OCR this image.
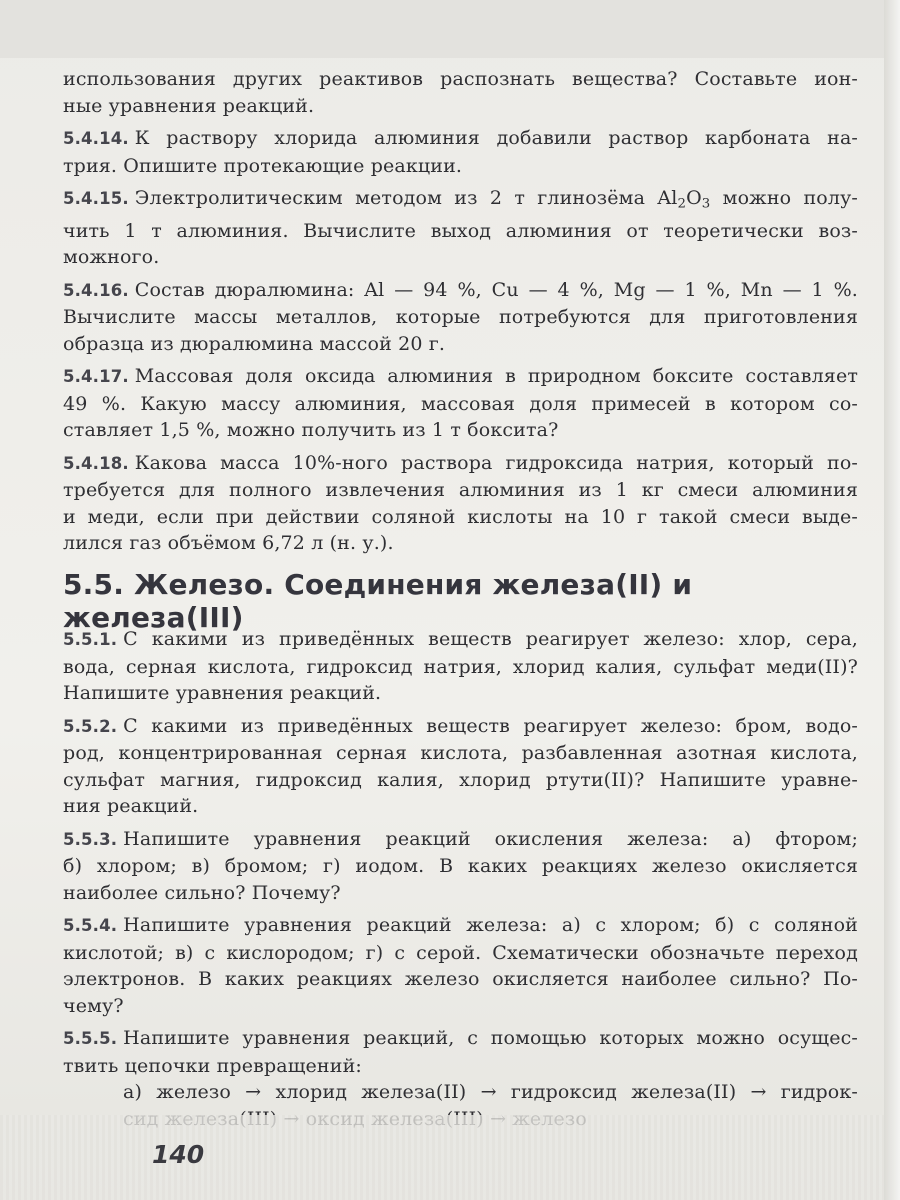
использования других реактивов распознать вещества? Составьте ион-
ные уравнения реакций.

5.4.14. К раствору хлорида алюминия добавили раствор карбоната на-
трия. Опишите протекающие реакции.

5.4.15. Электролитическим методом из 2 т глинозёма $Al_2O_3$ можно полу-
чить 1 т алюминия. Вычислите выход алюминия от теоретически воз-
можного.

5.4.16. Состав дюралюмина: Al — 94 %, Cu — 4 %, Mg — 1 %, Mn — 1 %.
Вычислите массы металлов, которые потребуются для приготовления
образца из дюралюмина массой 20 г.

5.4.17. Массовая доля оксида алюминия в природном боксите составляет
49 %. Какую массу алюминия, массовая доля примесей в котором со-
ставляет 1,5 %, можно получить из 1 т боксита?

5.4.18. Какова масса 10%-ного раствора гидроксида натрия, который по-
требуется для полного извлечения алюминия из 1 кг смеси алюминия
и меди, если при действии соляной кислоты на 10 г такой смеси выде-
лился газ объёмом 6,72 л (н. у.).

5.5. Железо. Соединения железа(II) и железа(III)

5.5.1. С какими из приведённых веществ реагирует железо: хлор, сера,
вода, серная кислота, гидроксид натрия, хлорид калия, сульфат меди(II)?
Напишите уравнения реакций.

5.5.2. С какими из приведённых веществ реагирует железо: бром, водо-
род, концентрированная серная кислота, разбавленная азотная кислота,
сульфат магния, гидроксид калия, хлорид ртути(II)? Напишите уравне-
ния реакций.

5.5.3. Напишите уравнения реакций окисления железа: а) фтором;
б) хлором; в) бромом; г) иодом. В каких реакциях железо окисляется
наиболее сильно? Почему?

5.5.4. Напишите уравнения реакций железа: а) с хлором; б) с соляной
кислотой; в) с кислородом; г) с серой. Схематически обозначьте переход
электронов. В каких реакциях железо окисляется наиболее сильно? По-
чему?

5.5.5. Напишите уравнения реакций, с помощью которых можно осущес-
твить цепочки превращений:

а) железо → хлорид железа(II) → гидроксид железа(II) → гидрок-

140
